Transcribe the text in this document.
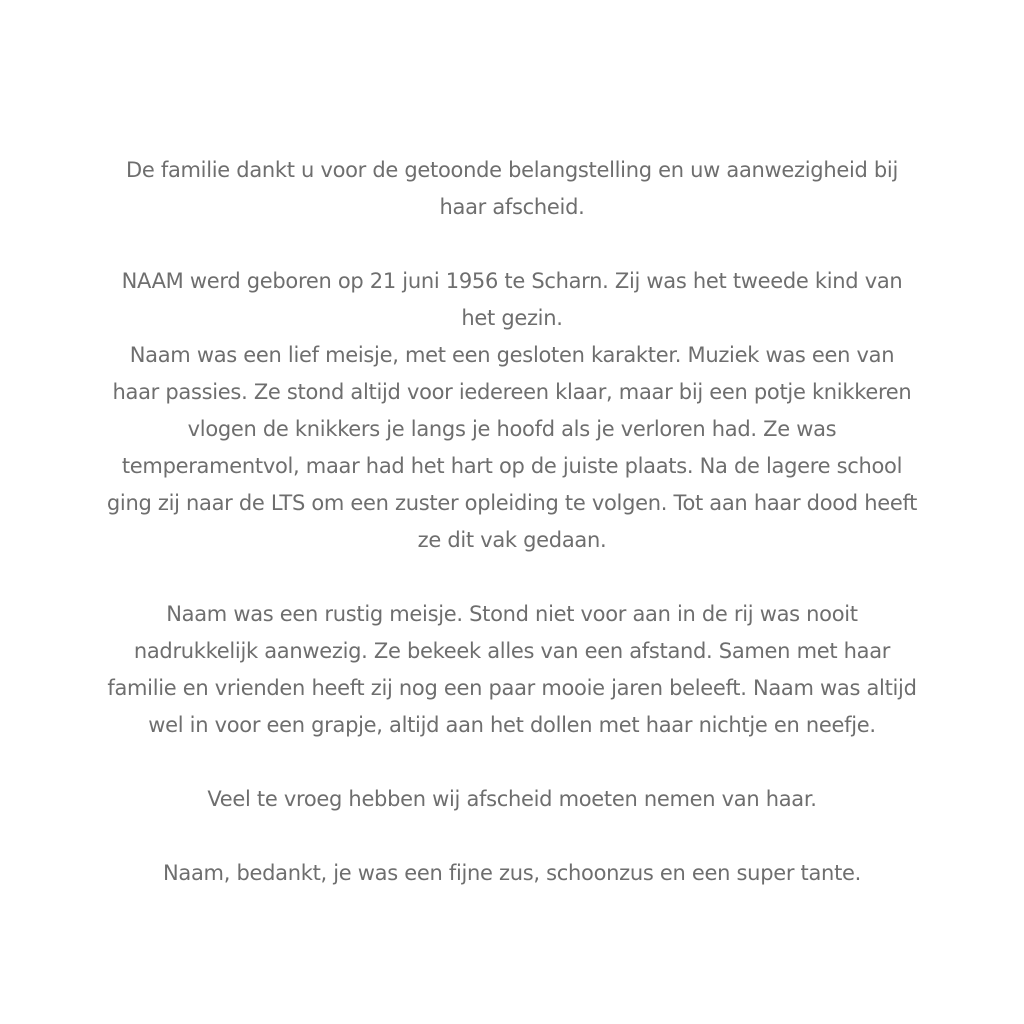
De familie dankt u voor de getoonde belangstelling en uw aanwezigheid bij
haar afscheid.
NAAM werd geboren op 21 juni 1956 te Scharn. Zij was het tweede kind van
het gezin.
Naam was een lief meisje, met een gesloten karakter. Muziek was een van
haar passies. Ze stond altijd voor iedereen klaar, maar bij een potje knikkeren
vlogen de knikkers je langs je hoofd als je verloren had. Ze was
temperamentvol, maar had het hart op de juiste plaats. Na de lagere school
ging zij naar de LTS om een zuster opleiding te volgen. Tot aan haar dood heeft
ze dit vak gedaan.
Naam was een rustig meisje. Stond niet voor aan in de rij was nooit
nadrukkelijk aanwezig. Ze bekeek alles van een afstand. Samen met haar
familie en vrienden heeft zij nog een paar mooie jaren beleeft. Naam was altijd
wel in voor een grapje, altijd aan het dollen met haar nichtje en neefje.
Veel te vroeg hebben wij afscheid moeten nemen van haar.
Naam, bedankt, je was een fijne zus, schoonzus en een super tante.
